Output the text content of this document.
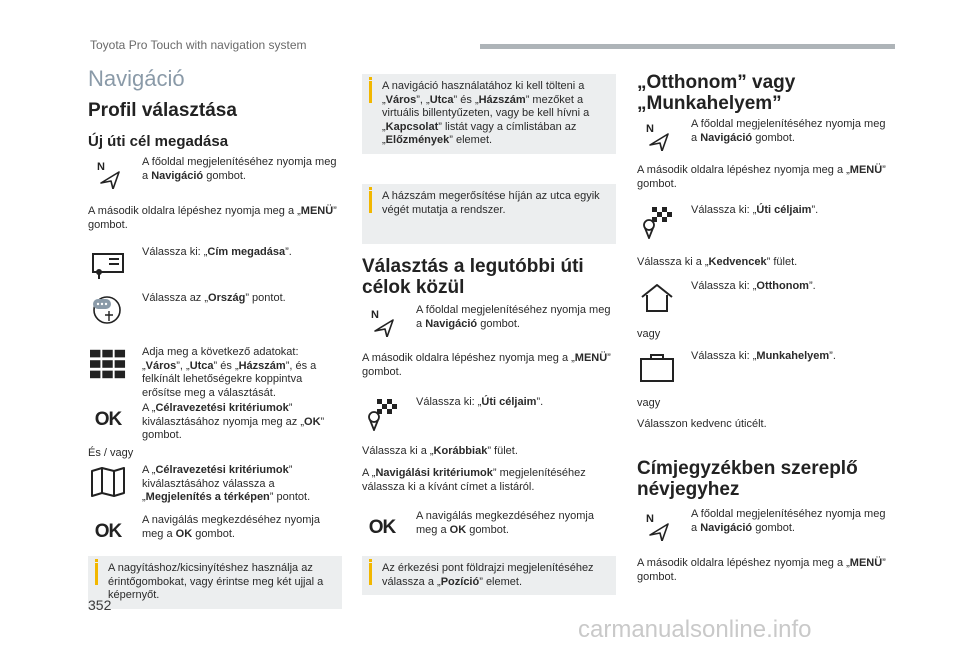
Toyota Pro Touch with navigation system
Navigáció
Profil választása
Új úti cél megadása
N	A főoldal megjelenítéséhez nyomja meg a Navigáció gombot.
A második oldalra lépéshez nyomja meg a „MENÜ” gombot.
Válassza ki: „Cím megadása”.
Válassza az „Ország” pontot.
Adja meg a következő adatokat: „Város”, „Utca” és „Házszám”, és a felkínált lehetőségekre koppintva erősítse meg a választását.
OK
A „Célravezetési kritériumok” kiválasztásához nyomja meg az „OK” gombot.
És / vagy
A „Célravezetési kritériumok” kiválasztásához válassza a „Megjelenítés a térképen” pontot.
OK
A navigálás megkezdéséhez nyomja meg a OK gombot.
A nagyításhoz/kicsinyítéshez használja az érintőgombokat, vagy érintse meg két ujjal a képernyőt.
A navigáció használatához ki kell tölteni a „Város”, „Utca” és „Házszám” mezőket a virtuális billentyűzeten, vagy be kell hívni a „Kapcsolat” listát vagy a címlistában az „Előzmények” elemet.
A házszám megerősítése híján az utca egyik végét mutatja a rendszer.
Választás a legutóbbi úti célok közül
N	A főoldal megjelenítéséhez nyomja meg a Navigáció gombot.
A második oldalra lépéshez nyomja meg a „MENÜ” gombot.
Válassza ki: „Úti céljaim”.
Válassza ki a „Korábbiak” fület.
A „Navigálási kritériumok” megjelenítéséhez válassza ki a kívánt címet a listáról.
OK
A navigálás megkezdéséhez nyomja meg a OK gombot.
Az érkezési pont földrajzi megjelenítéséhez válassza a „Pozíció” elemet.
„Otthonom” vagy „Munkahelyem”
N	A főoldal megjelenítéséhez nyomja meg a Navigáció gombot.
A második oldalra lépéshez nyomja meg a „MENÜ” gombot.
Válassza ki: „Úti céljaim”.
Válassza ki a „Kedvencek” fület.
Válassza ki: „Otthonom”.
vagy
Válassza ki: „Munkahelyem”.
vagy
Válasszon kedvenc úticélt.
Címjegyzékben szereplő névjegyhez
N	A főoldal megjelenítéséhez nyomja meg a Navigáció gombot.
A második oldalra lépéshez nyomja meg a „MENÜ” gombot.
352
carmanualsonline.info
